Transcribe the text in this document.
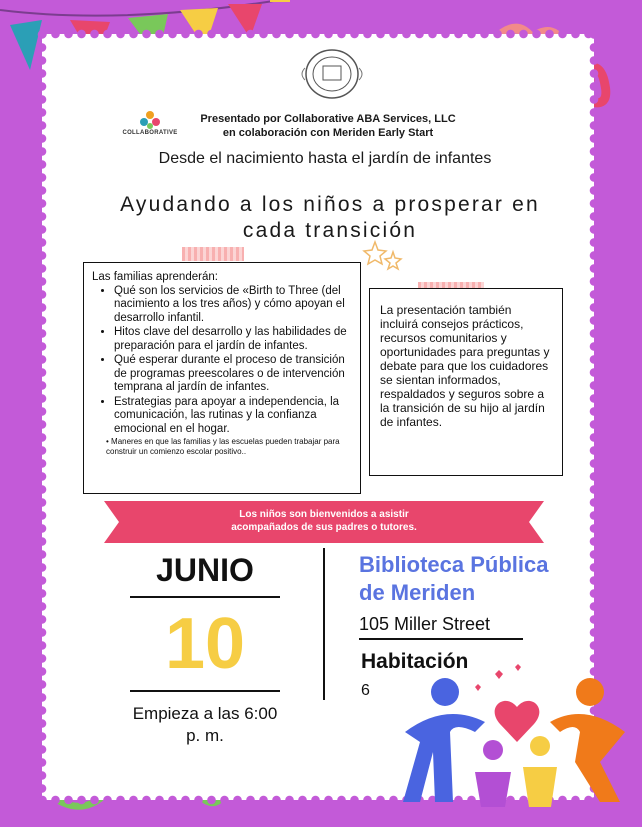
COLLABORATIVE
Presentado por Collaborative ABA Services, LLC
en colaboración con Meriden Early Start
Desde el nacimiento hasta el jardín de infantes
Ayudando a los niños a prosperar en cada transición
Las familias aprenderán:
• Qué son los servicios de «Birth to Three (del nacimiento a los tres años) y cómo apoyan el desarrollo infantil.
• Hitos clave del desarrollo y las habilidades de preparación para el jardín de infantes.
• Qué esperar durante el proceso de transición de programas preescolares o de intervención temprana al jardín de infantes.
• Estrategias para apoyar a independencia, la comunicación, las rutinas y la confianza emocional en el hogar.
• Maneres en que las familias y las escuelas pueden trabajar para construir un comienzo escolar positivo..
La presentación también incluirá consejos prácticos, recursos comunitarios y oportunidades para preguntas y debate para que los cuidadores se sientan informados, respaldados y seguros sobre a la transición de su hijo al jardín de infantes.
Los niños son bienvenidos a asistir
acompañados de sus padres o tutores.
JUNIO
10
Empieza a las 6:00 p. m.
Biblioteca Pública de Meriden
105 Miller Street
Habitación
6
